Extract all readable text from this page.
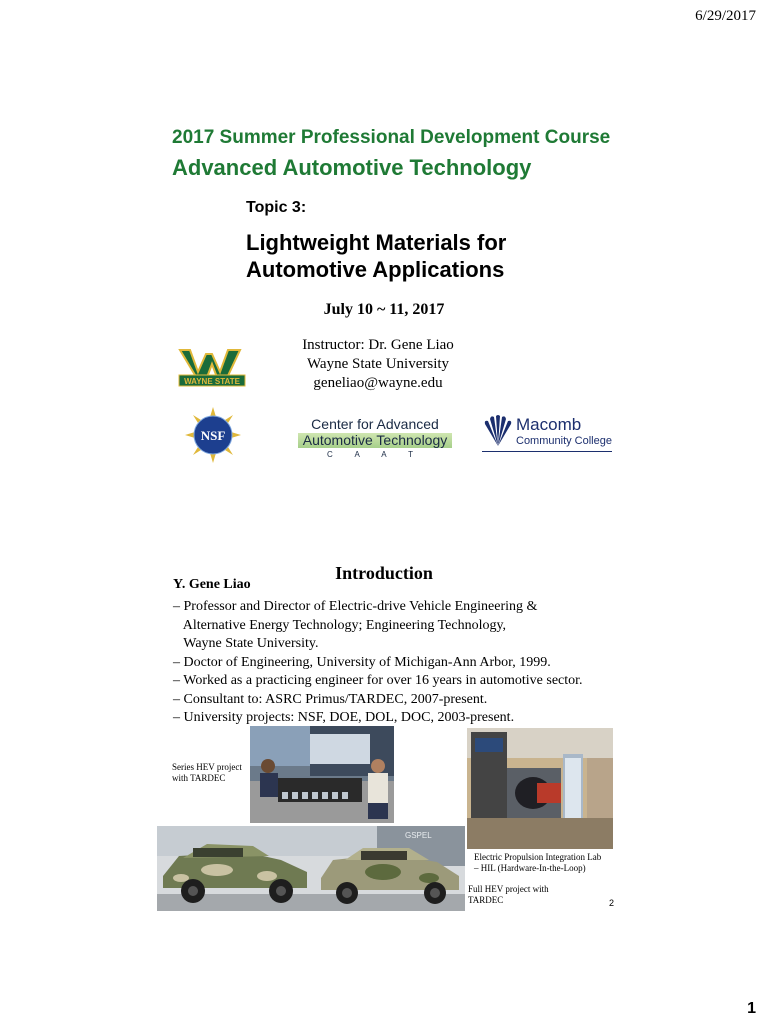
6/29/2017
2017 Summer Professional Development Course
Advanced Automotive Technology
Topic 3:
Lightweight Materials for
Automotive Applications
July 10 ~ 11, 2017
Instructor: Dr. Gene Liao
Wayne State University
geneliao@wayne.edu
WAYNE STATE
NSF
Center for Advanced
Automotive Technology
C A A T
Macomb
Community College
Introduction
Y. Gene Liao
– Professor and Director of Electric-drive Vehicle Engineering &
Alternative Energy Technology; Engineering Technology,
Wayne State University.
– Doctor of Engineering, University of Michigan-Ann Arbor, 1999.
– Worked as a practicing engineer for over 16 years in automotive sector.
– Consultant to: ASRC Primus/TARDEC, 2007-present.
– University projects: NSF, DOE, DOL, DOC, 2003-present.
GSPEL
Series HEV project
with TARDEC
Electric Propulsion Integration Lab
– HIL (Hardware-In-the-Loop)
Full HEV project with
TARDEC	2
1
